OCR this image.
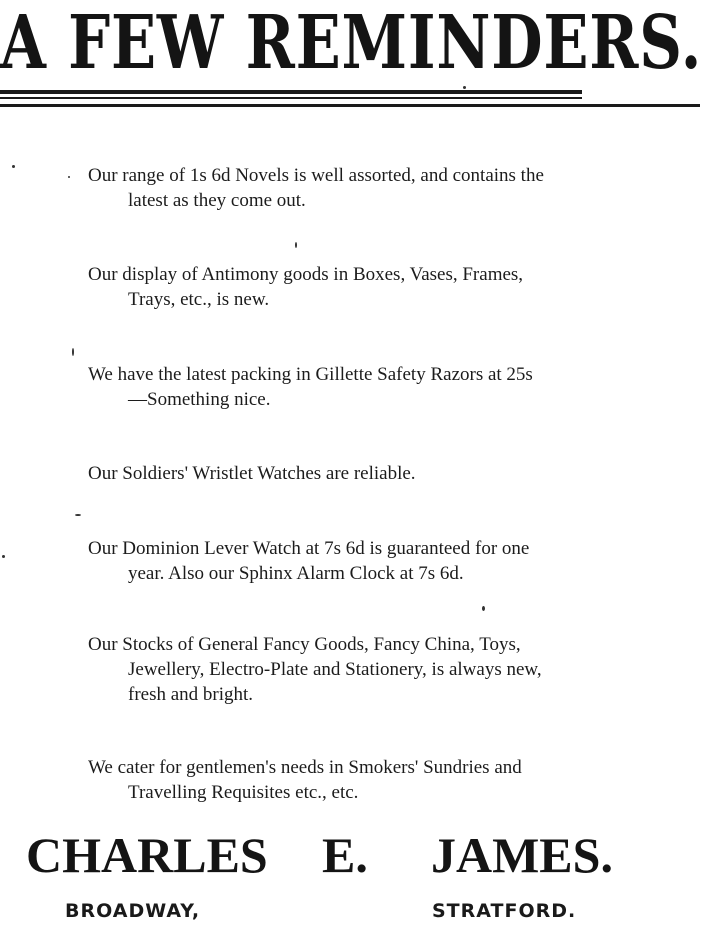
A FEW REMINDERS.

Our range of 1s 6d Novels is well assorted, and contains the

latest as they come out.

Our display of Antimony goods in Boxes, Vases, Frames,

Trays, etc., is new.

We have the latest packing in Gillette Safety Razors at 25s

—Something nice.

Our Soldiers' Wristlet Watches are reliable.

Our Dominion Lever Watch at 7s 6d is guaranteed for one

year. Also our Sphinx Alarm Clock at 7s 6d.

Our Stocks of General Fancy Goods, Fancy China, Toys,

Jewellery, Electro-Plate and Stationery, is always new,

fresh and bright.

We cater for gentlemen's needs in Smokers' Sundries and

Travelling Requisites etc., etc.

CHARLES E. JAMES.
BROADWAY,	STRATFORD.
